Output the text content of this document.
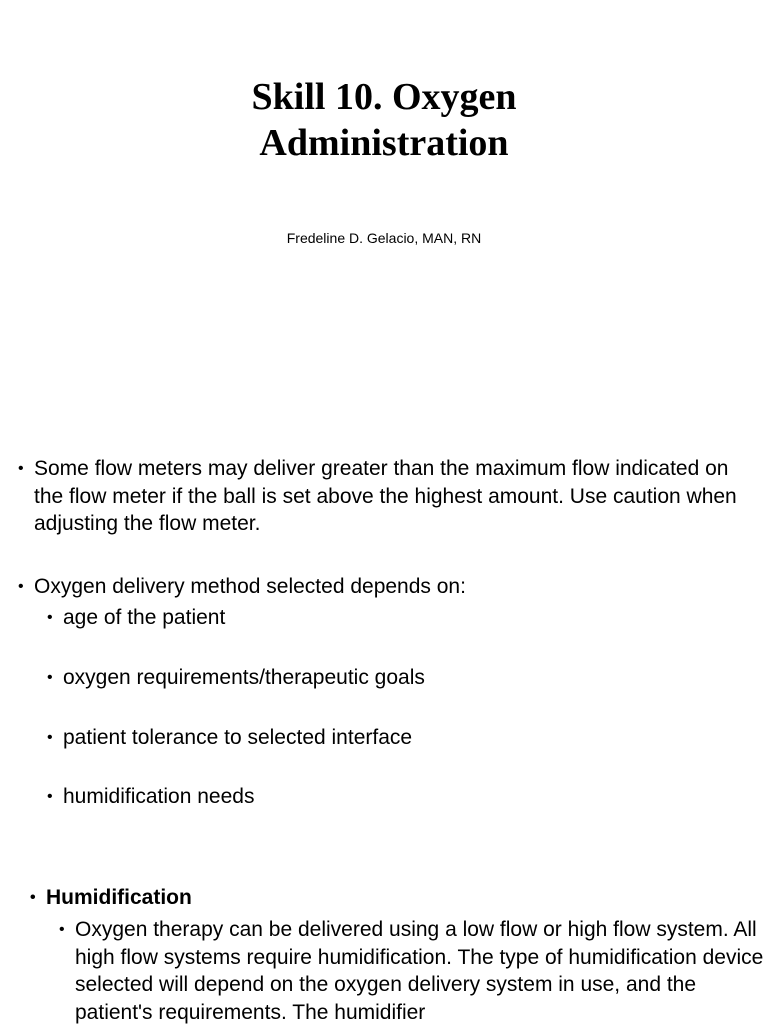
Skill 10. Oxygen
Administration
Fredeline D. Gelacio, MAN, RN
• Some flow meters may deliver greater than the maximum flow indicated on the flow meter if the ball is set above the highest amount. Use caution when adjusting the flow meter.
• Oxygen delivery method selected depends on:
• age of the patient
• oxygen requirements/therapeutic goals
• patient tolerance to selected interface
• humidification needs
• Humidification
• Oxygen therapy can be delivered using a low flow or high flow system. All high flow systems require humidification. The type of humidification device selected will depend on the oxygen delivery system in use, and the patient's requirements. The humidifier
